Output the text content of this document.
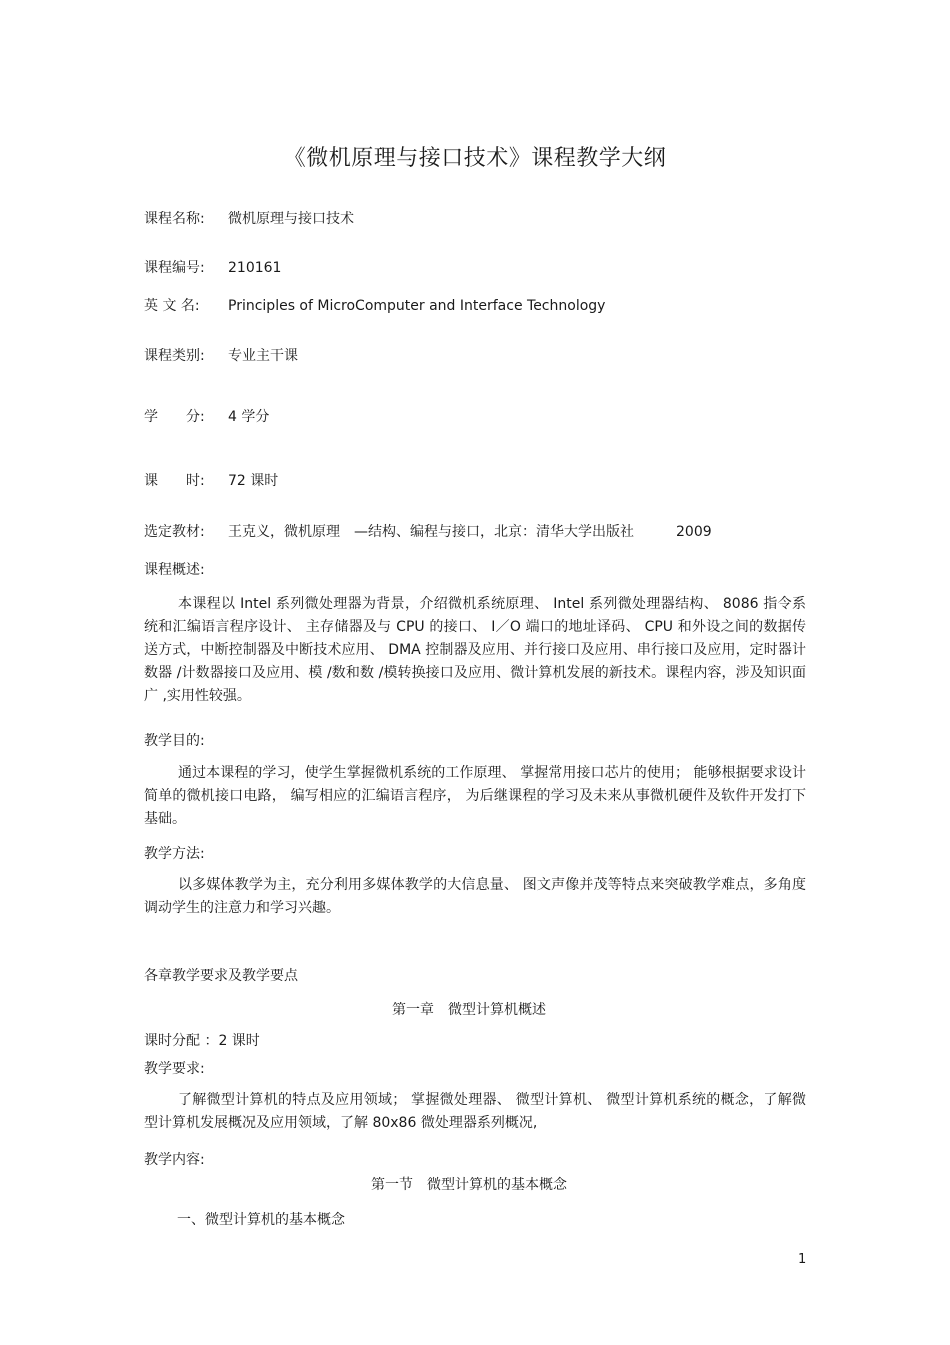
《微机原理与接口技术》课程教学大纲
课程名称: 微机原理与接口技术
课程编号: 210161
英 文 名: Principles of MicroComputer and Interface Technology
课程类别: 专业主干课
学　　分: 4 学分
课　　时: 72 课时
选定教材: 王克义，微机原理　—结构、编程与接口，北京：清华大学出版社　　　2009
课程概述:

本课程以 Intel 系列微处理器为背景，介绍微机系统原理、 Intel 系列微处理器结构、 8086 指令系统和汇编语言程序设计、 主存储器及与 CPU 的接口、 I／O 端口的地址译码、 CPU 和外设之间的数据传送方式，中断控制器及中断技术应用、 DMA 控制器及应用、并行接口及应用、串行接口及应用，定时器计数器 /计数器接口及应用、模 /数和数 /模转换接口及应用、微计算机发展的新技术。课程内容，涉及知识面广 ,实用性较强。

教学目的:

通过本课程的学习，使学生掌握微机系统的工作原理、 掌握常用接口芯片的使用； 能够根据要求设计简单的微机接口电路， 编写相应的汇编语言程序， 为后继课程的学习及未来从事微机硬件及软件开发打下基础。

教学方法:

以多媒体教学为主，充分利用多媒体教学的大信息量、 图文声像并茂等特点来突破教学难点，多角度调动学生的注意力和学习兴趣。

各章教学要求及教学要点
第一章　微型计算机概述
课时分配 ：2 课时
教学要求:

了解微型计算机的特点及应用领域； 掌握微处理器、 微型计算机、 微型计算机系统的概念，了解微型计算机发展概况及应用领域，了解 80x86 微处理器系列概况,

教学内容:
第一节　微型计算机的基本概念
一、微型计算机的基本概念
1
